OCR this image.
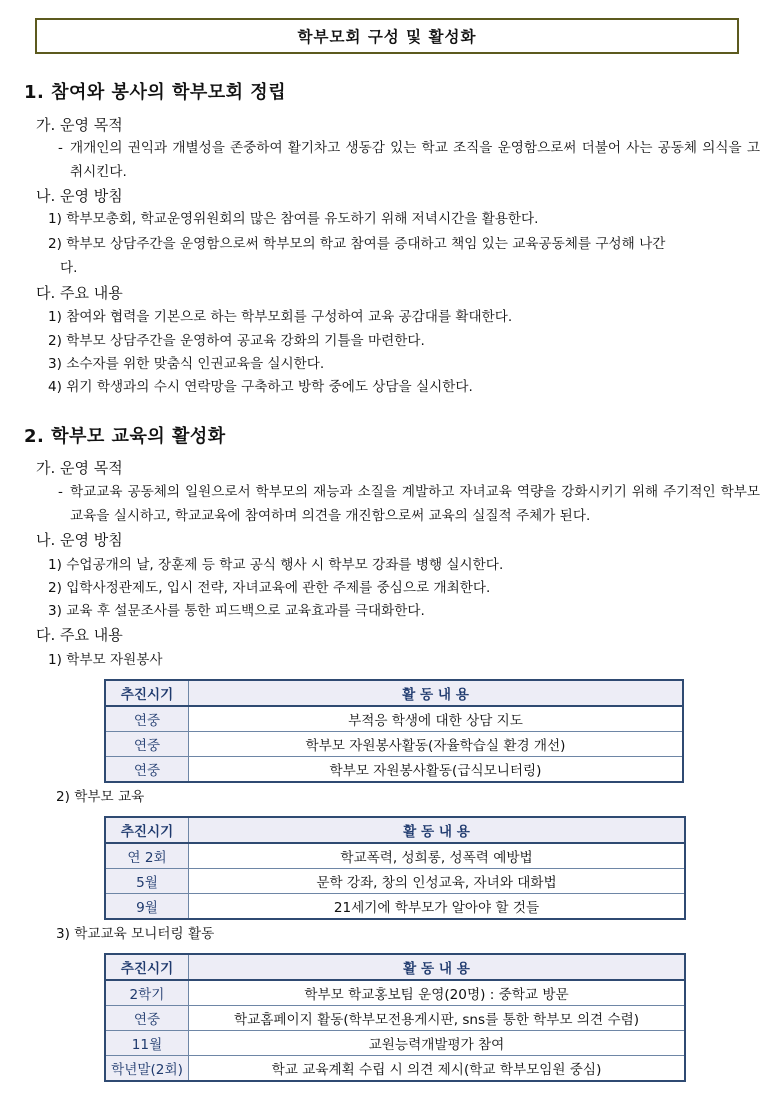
학부모회 구성 및 활성화
1. 참여와 봉사의 학부모회 정립
가. 운영 목적
- 개개인의 권익과 개별성을 존중하여 활기차고 생동감 있는 학교 조직을 운영함으로써 더불어 사는 공동체 의식을 고취시킨다.
나. 운영 방침
1) 학부모총회, 학교운영위원회의 많은 참여를 유도하기 위해 저녁시간을 활용한다.
2) 학부모 상담주간을 운영함으로써 학부모의 학교 참여를 증대하고 책임 있는 교육공동체를 구성해 나간
다.
다. 주요 내용
1) 참여와 협력을 기본으로 하는 학부모회를 구성하여 교육 공감대를 확대한다.
2) 학부모 상담주간을 운영하여 공교육 강화의 기틀을 마련한다.
3) 소수자를 위한 맞춤식 인권교육을 실시한다.
4) 위기 학생과의 수시 연락망을 구축하고 방학 중에도 상담을 실시한다.
2. 학부모 교육의 활성화
가. 운영 목적
- 학교교육 공동체의 일원으로서 학부모의 재능과 소질을 계발하고 자녀교육 역량을 강화시키기 위해 주기적인 학부모교육을 실시하고, 학교교육에 참여하며 의견을 개진함으로써 교육의 실질적 주체가 된다.
나. 운영 방침
1) 수업공개의 날, 장훈제 등 학교 공식 행사 시 학부모 강좌를 병행 실시한다.
2) 입학사정관제도, 입시 전략, 자녀교육에 관한 주제를 중심으로 개최한다.
3) 교육 후 설문조사를 통한 피드백으로 교육효과를 극대화한다.
다. 주요 내용
1) 학부모 자원봉사
추진시기	활 동 내 용
연중	부적응 학생에 대한 상담 지도
연중	학부모 자원봉사활동(자율학습실 환경 개선)
연중	학부모 자원봉사활동(급식모니터링)
2) 학부모 교육
추진시기	활 동 내 용
연 2회	학교폭력, 성희롱, 성폭력 예방법
5월	문학 강좌, 창의 인성교육, 자녀와 대화법
9월	21세기에 학부모가 알아야 할 것들
3) 학교교육 모니터링 활동
추진시기	활 동 내 용
2학기	학부모 학교홍보팀 운영(20명) : 중학교 방문
연중	학교홈페이지 활동(학부모전용게시판, sns를 통한 학부모 의견 수렴)
11월	교원능력개발평가 참여
학년말(2회)	학교 교육계획 수립 시 의견 제시(학교 학부모임원 중심)
